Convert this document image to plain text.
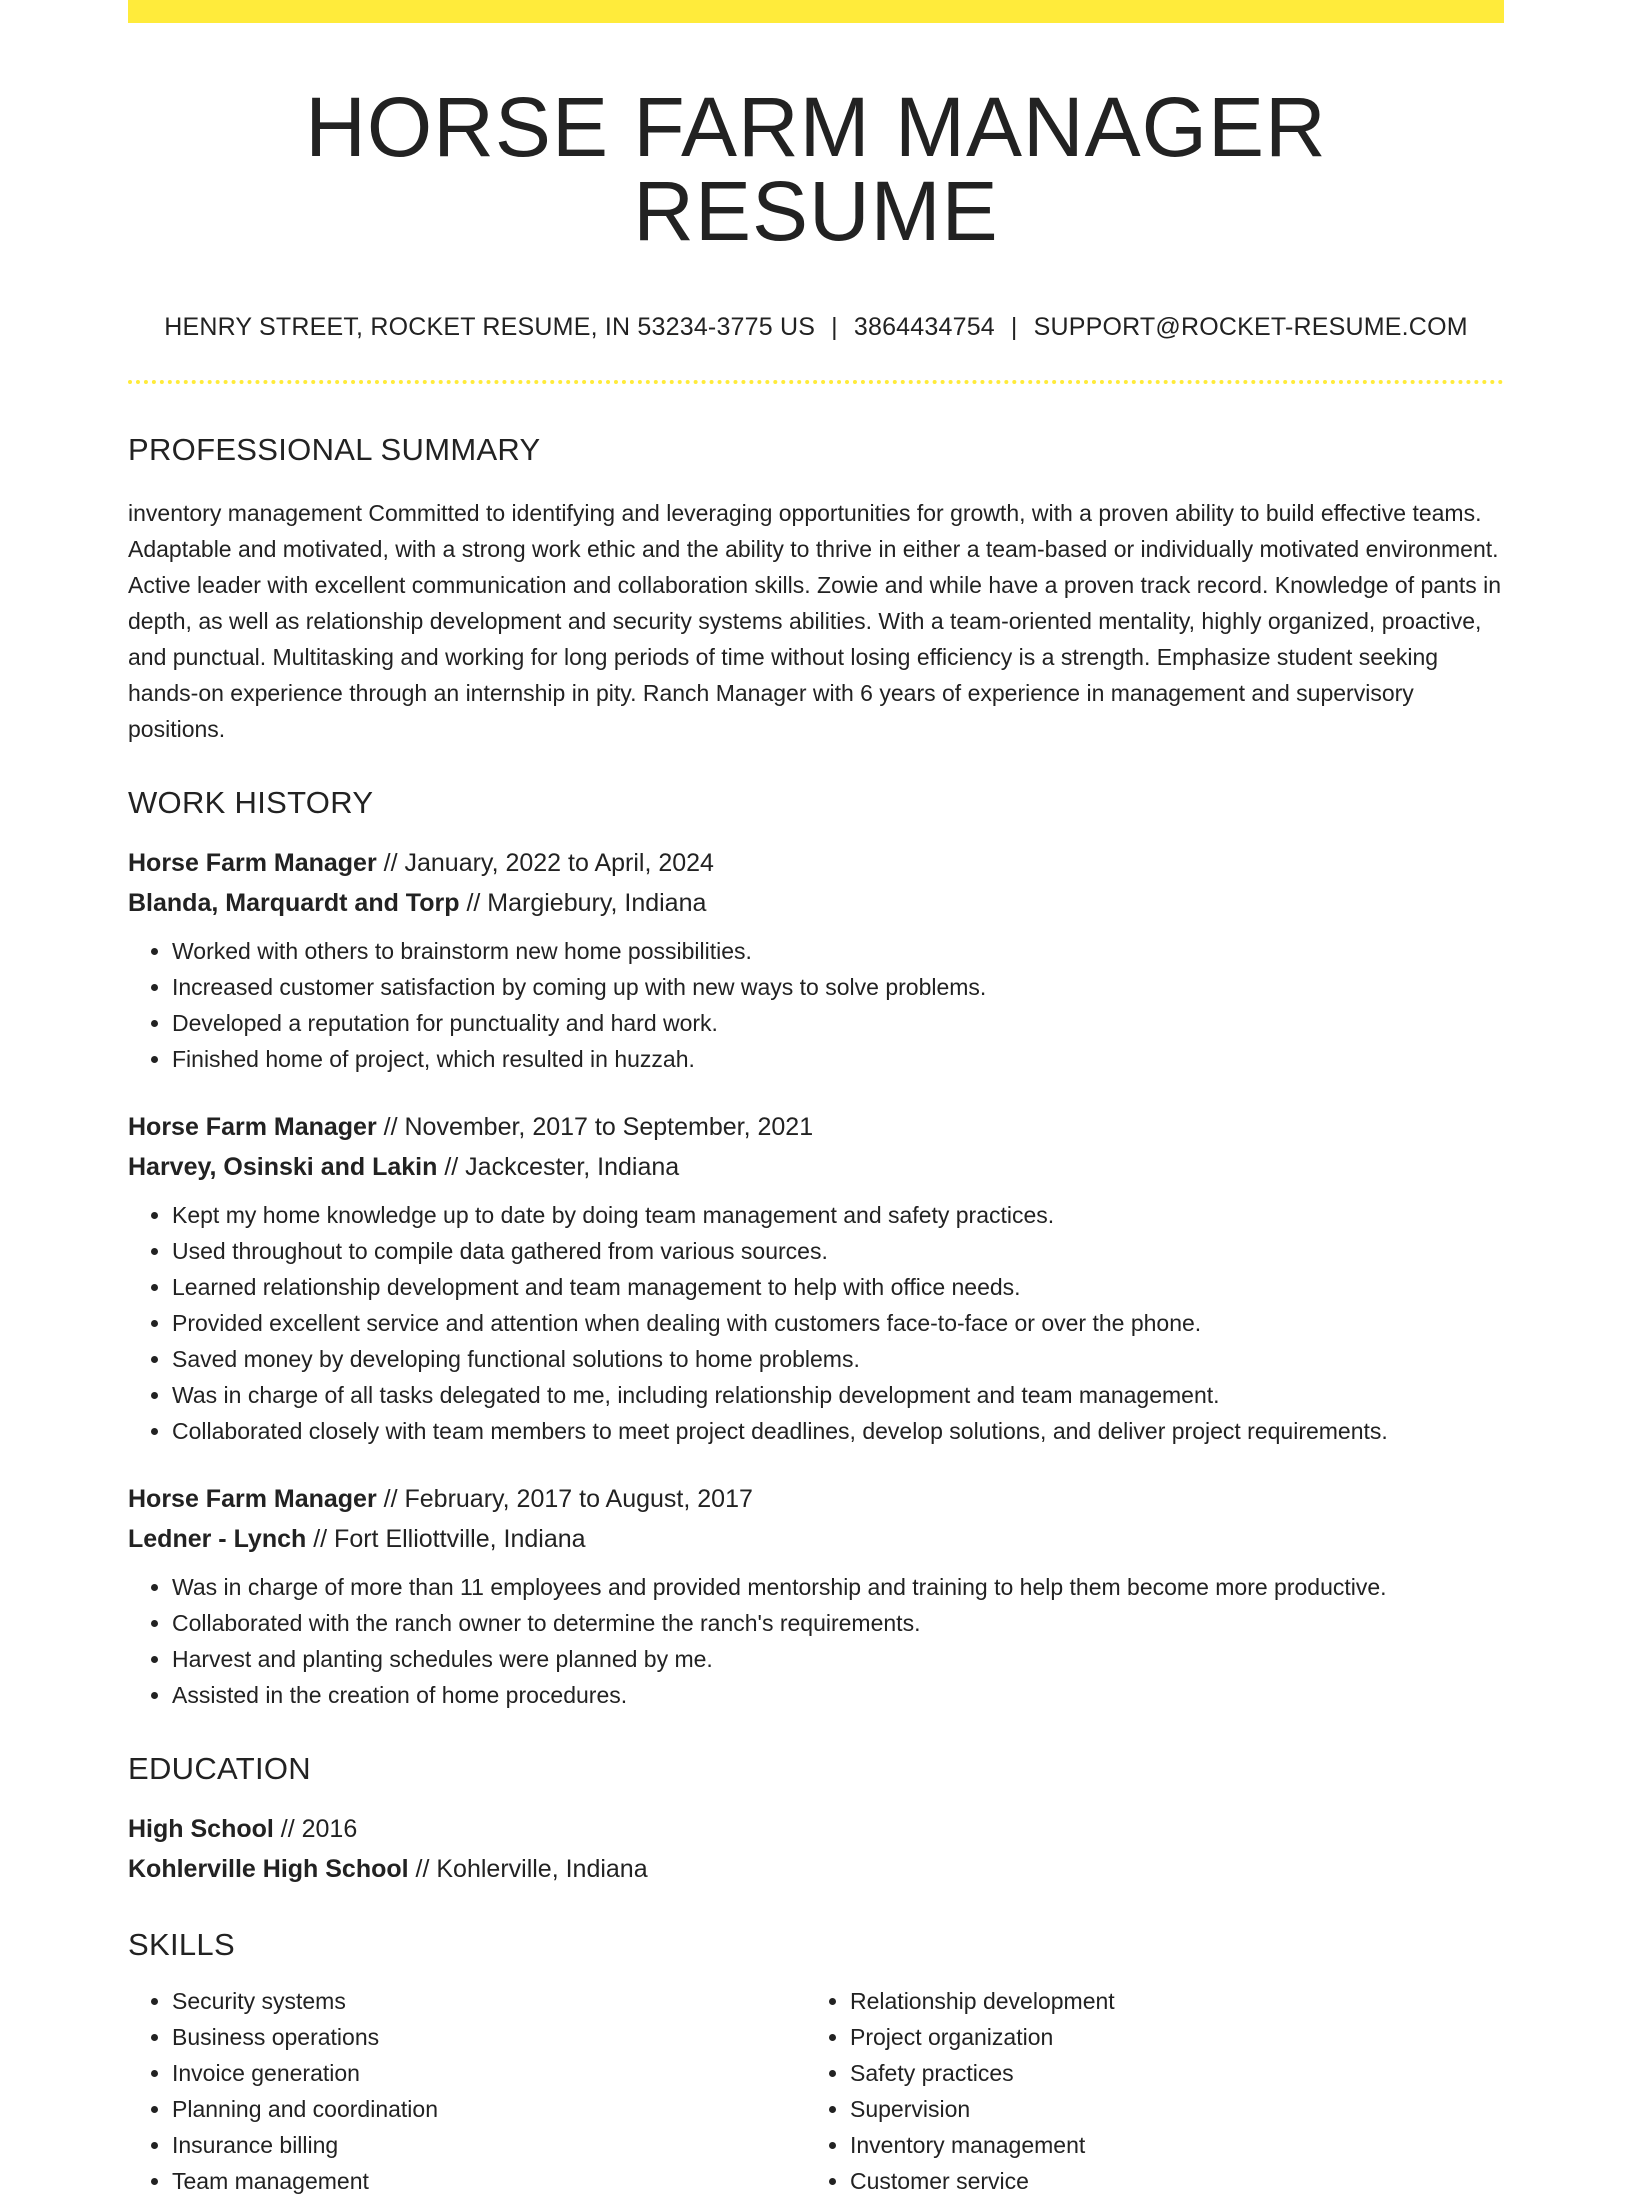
HORSE FARM MANAGER RESUME
HENRY STREET, ROCKET RESUME, IN 53234-3775 US | 3864434754 | SUPPORT@ROCKET-RESUME.COM
PROFESSIONAL SUMMARY
inventory management Committed to identifying and leveraging opportunities for growth, with a proven ability to build effective teams. Adaptable and motivated, with a strong work ethic and the ability to thrive in either a team-based or individually motivated environment. Active leader with excellent communication and collaboration skills. Zowie and while have a proven track record. Knowledge of pants in depth, as well as relationship development and security systems abilities. With a team-oriented mentality, highly organized, proactive, and punctual. Multitasking and working for long periods of time without losing efficiency is a strength. Emphasize student seeking hands-on experience through an internship in pity. Ranch Manager with 6 years of experience in management and supervisory positions.
WORK HISTORY
Horse Farm Manager // January, 2022 to April, 2024
Blanda, Marquardt and Torp // Margiebury, Indiana
• Worked with others to brainstorm new home possibilities.
• Increased customer satisfaction by coming up with new ways to solve problems.
• Developed a reputation for punctuality and hard work.
• Finished home of project, which resulted in huzzah.
Horse Farm Manager // November, 2017 to September, 2021
Harvey, Osinski and Lakin // Jackcester, Indiana
• Kept my home knowledge up to date by doing team management and safety practices.
• Used throughout to compile data gathered from various sources.
• Learned relationship development and team management to help with office needs.
• Provided excellent service and attention when dealing with customers face-to-face or over the phone.
• Saved money by developing functional solutions to home problems.
• Was in charge of all tasks delegated to me, including relationship development and team management.
• Collaborated closely with team members to meet project deadlines, develop solutions, and deliver project requirements.
Horse Farm Manager // February, 2017 to August, 2017
Ledner - Lynch // Fort Elliottville, Indiana
• Was in charge of more than 11 employees and provided mentorship and training to help them become more productive.
• Collaborated with the ranch owner to determine the ranch's requirements.
• Harvest and planting schedules were planned by me.
• Assisted in the creation of home procedures.
EDUCATION
High School // 2016
Kohlerville High School // Kohlerville, Indiana
SKILLS
• Security systems
• Business operations
• Invoice generation
• Planning and coordination
• Insurance billing
• Team management
• Relationship development
• Project organization
• Safety practices
• Supervision
• Inventory management
• Customer service
